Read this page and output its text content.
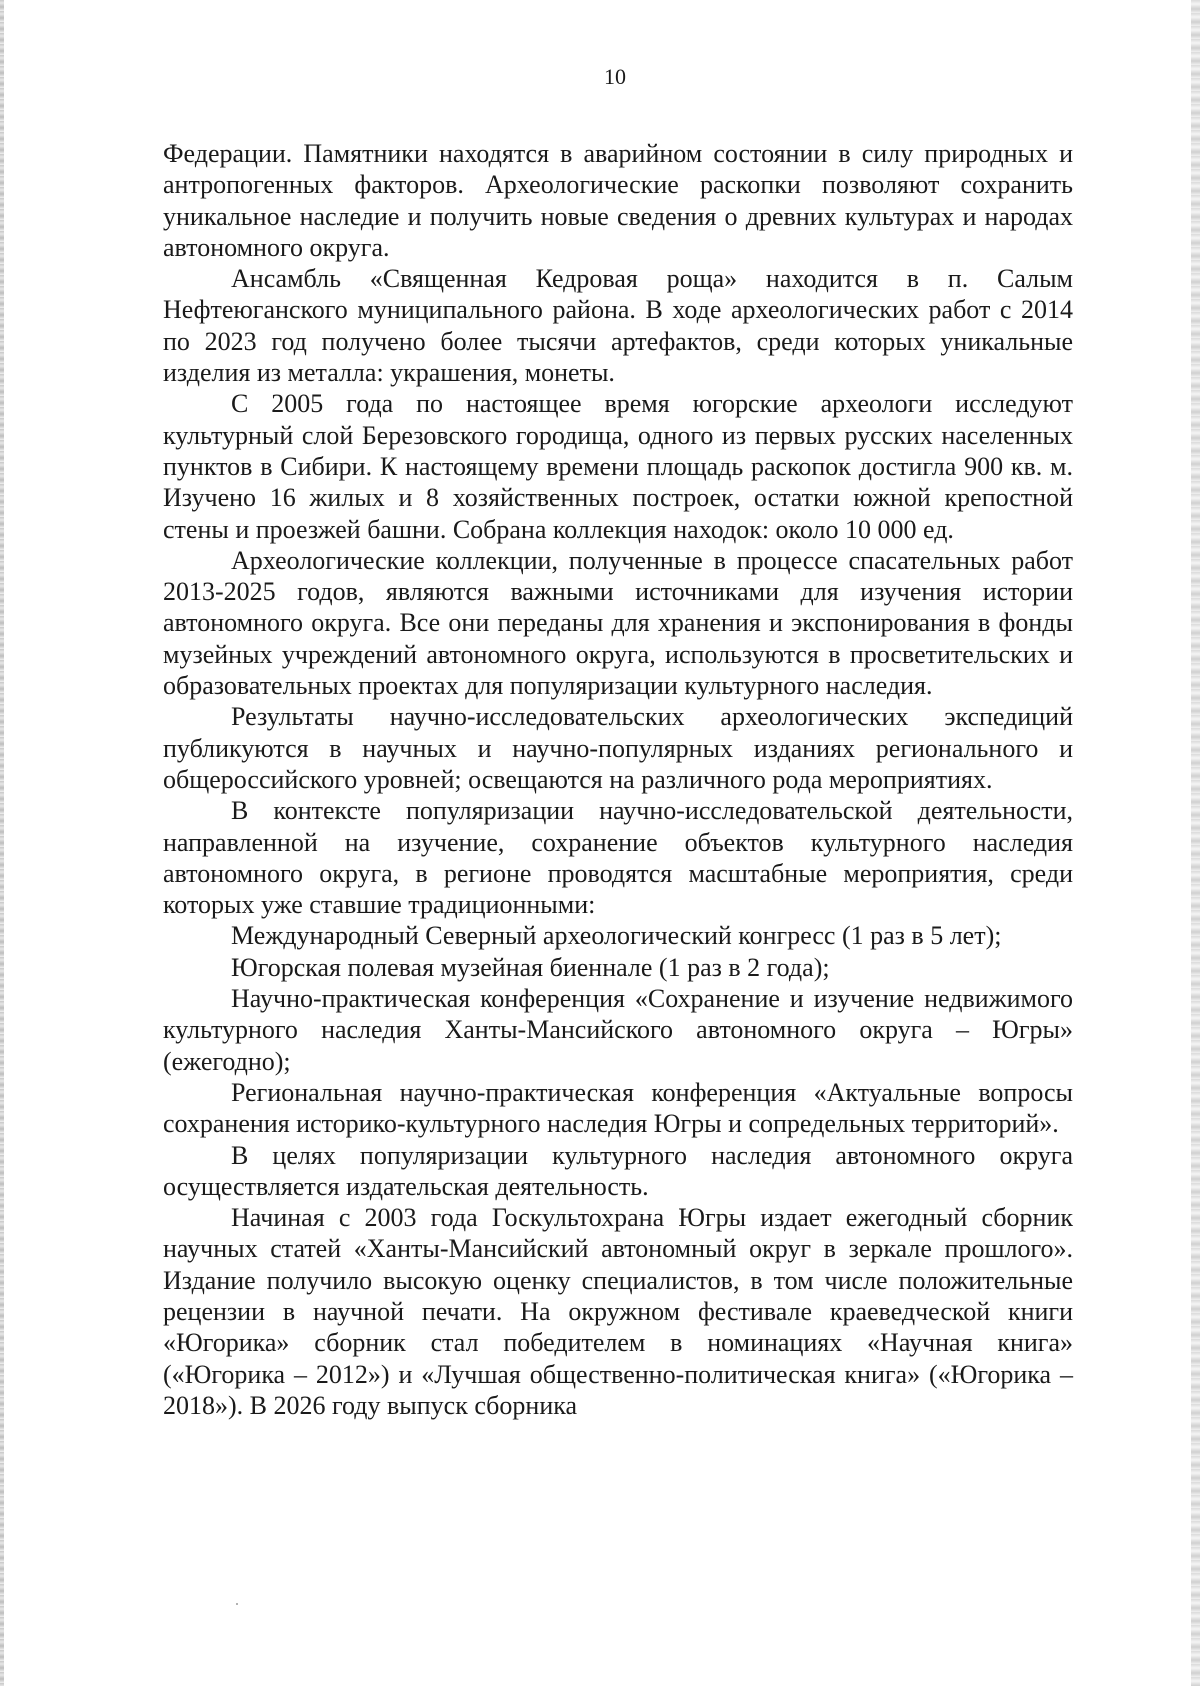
10

Федерации. Памятники находятся в аварийном состоянии в силу природных и антропогенных факторов. Археологические раскопки позволяют сохранить уникальное наследие и получить новые сведения о древних культурах и народах автономного округа.

Ансамбль «Священная Кедровая роща» находится в п. Салым Нефтеюганского муниципального района. В ходе археологических работ с 2014 по 2023 год получено более тысячи артефактов, среди которых уникальные изделия из металла: украшения, монеты.

С 2005 года по настоящее время югорские археологи исследуют культурный слой Березовского городища, одного из первых русских населенных пунктов в Сибири. К настоящему времени площадь раскопок достигла 900 кв. м. Изучено 16 жилых и 8 хозяйственных построек, остатки южной крепостной стены и проезжей башни. Собрана коллекция находок: около 10 000 ед.

Археологические коллекции, полученные в процессе спасательных работ 2013-2025 годов, являются важными источниками для изучения истории автономного округа. Все они переданы для хранения и экспонирования в фонды музейных учреждений автономного округа, используются в просветительских и образовательных проектах для популяризации культурного наследия.

Результаты научно-исследовательских археологических экспедиций публикуются в научных и научно-популярных изданиях регионального и общероссийского уровней; освещаются на различного рода мероприятиях.

В контексте популяризации научно-исследовательской деятельности, направленной на изучение, сохранение объектов культурного наследия автономного округа, в регионе проводятся масштабные мероприятия, среди которых уже ставшие традиционными:

Международный Северный археологический конгресс (1 раз в 5 лет);

Югорская полевая музейная биеннале (1 раз в 2 года);

Научно-практическая конференция «Сохранение и изучение недвижимого культурного наследия Ханты-Мансийского автономного округа – Югры» (ежегодно);

Региональная научно-практическая конференция «Актуальные вопросы сохранения историко-культурного наследия Югры и сопредельных территорий».

В целях популяризации культурного наследия автономного округа осуществляется издательская деятельность.

Начиная с 2003 года Госкультохрана Югры издает ежегодный сборник научных статей «Ханты-Мансийский автономный округ в зеркале прошлого». Издание получило высокую оценку специалистов, в том числе положительные рецензии в научной печати. На окружном фестивале краеведческой книги «Югорика» сборник стал победителем в номинациях «Научная книга» («Югорика – 2012») и «Лучшая общественно-политическая книга» («Югорика – 2018»). В 2026 году выпуск сборника
